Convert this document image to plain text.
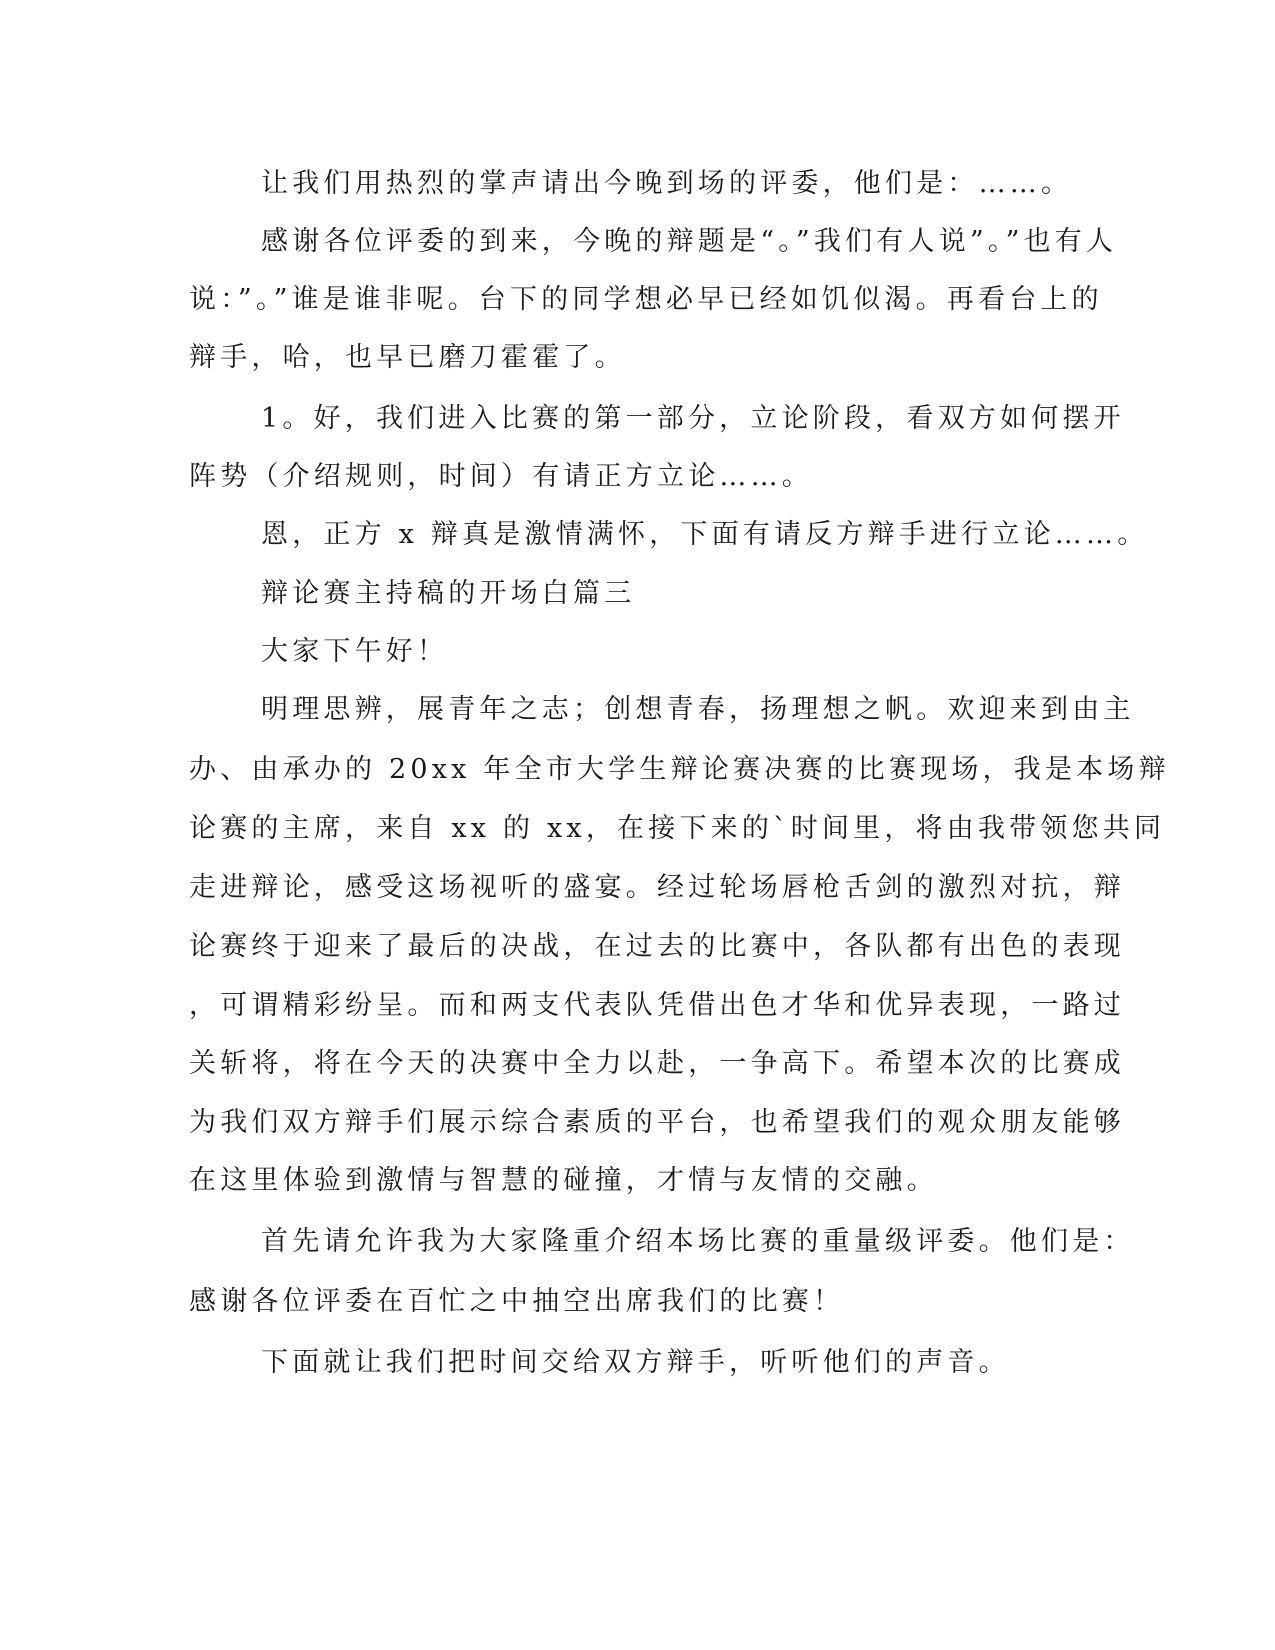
让我们用热烈的掌声请出今晚到场的评委，他们是：……。

感谢各位评委的到来，今晚的辩题是“。”我们有人说”。”也有人

说：”。”谁是谁非呢。台下的同学想必早已经如饥似渴。再看台上的

辩手，哈，也早已磨刀霍霍了。

1。好，我们进入比赛的第一部分，立论阶段，看双方如何摆开

阵势（介绍规则，时间）有请正方立论……。

恩，正方 x 辩真是激情满怀，下面有请反方辩手进行立论……。

辩论赛主持稿的开场白篇三

大家下午好！

明理思辨，展青年之志；创想青春，扬理想之帆。欢迎来到由主

办、由承办的 20xx 年全市大学生辩论赛决赛的比赛现场，我是本场辩

论赛的主席，来自 xx 的 xx，在接下来的`时间里，将由我带领您共同

走进辩论，感受这场视听的盛宴。经过轮场唇枪舌剑的激烈对抗，辩

论赛终于迎来了最后的决战，在过去的比赛中，各队都有出色的表现

，可谓精彩纷呈。而和两支代表队凭借出色才华和优异表现，一路过

关斩将，将在今天的决赛中全力以赴，一争高下。希望本次的比赛成

为我们双方辩手们展示综合素质的平台，也希望我们的观众朋友能够

在这里体验到激情与智慧的碰撞，才情与友情的交融。

首先请允许我为大家隆重介绍本场比赛的重量级评委。他们是：

感谢各位评委在百忙之中抽空出席我们的比赛！

下面就让我们把时间交给双方辩手，听听他们的声音。
